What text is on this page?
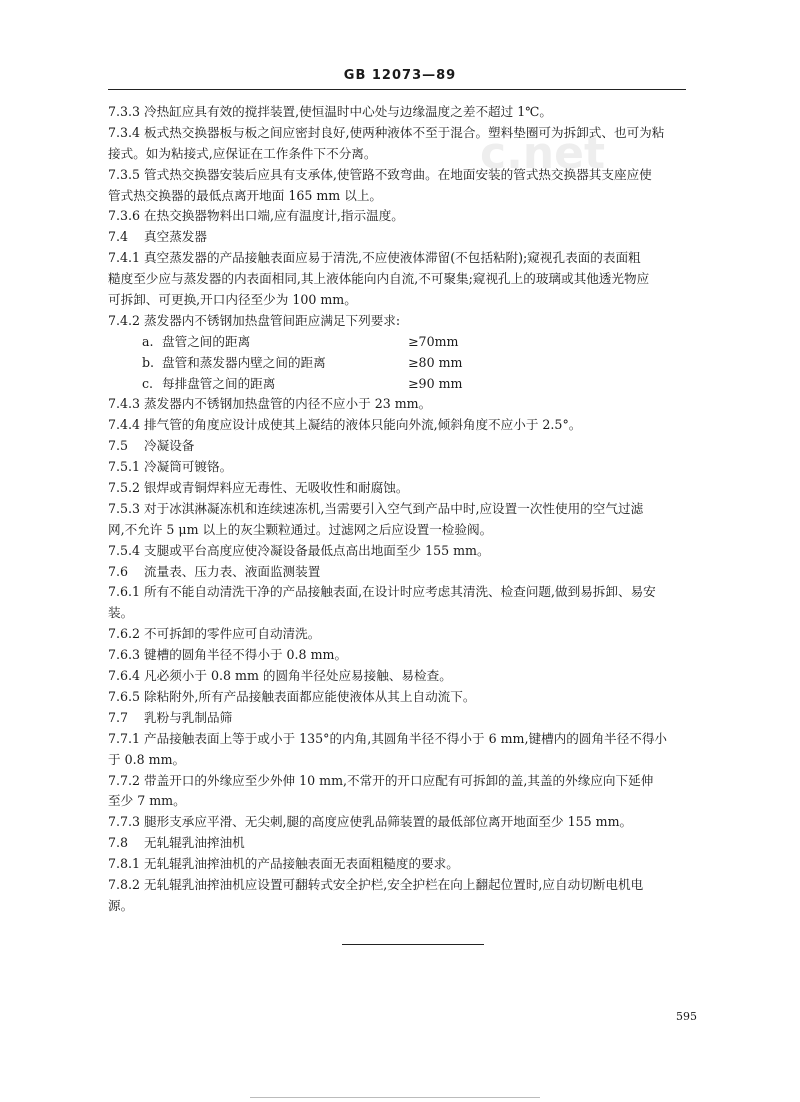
GB 12073—89
c.net
7.3.3 冷热缸应具有效的搅拌装置,使恒温时中心处与边缘温度之差不超过 1℃。
7.3.4 板式热交换器板与板之间应密封良好,使两种液体不至于混合。塑料垫圈可为拆卸式、也可为粘
接式。如为粘接式,应保证在工作条件下不分离。
7.3.5 管式热交换器安装后应具有支承体,使管路不致弯曲。在地面安装的管式热交换器其支座应使
管式热交换器的最低点离开地面 165 mm 以上。
7.3.6 在热交换器物料出口端,应有温度计,指示温度。
7.4 真空蒸发器
7.4.1 真空蒸发器的产品接触表面应易于清洗,不应使液体滞留(不包括粘附);窥视孔表面的表面粗
糙度至少应与蒸发器的内表面相同,其上液体能向内自流,不可聚集;窥视孔上的玻璃或其他透光物应
可拆卸、可更换,开口内径至少为 100 mm。
7.4.2 蒸发器内不锈钢加热盘管间距应满足下列要求:
a. 盘管之间的距离	≥70mm
b. 盘管和蒸发器内壁之间的距离	≥80 mm
c. 每排盘管之间的距离	≥90 mm
7.4.3 蒸发器内不锈钢加热盘管的内径不应小于 23 mm。
7.4.4 排气管的角度应设计成使其上凝结的液体只能向外流,倾斜角度不应小于 2.5°。
7.5 冷凝设备
7.5.1 冷凝筒可镀铬。
7.5.2 银焊或青铜焊料应无毒性、无吸收性和耐腐蚀。
7.5.3 对于冰淇淋凝冻机和连续速冻机,当需要引入空气到产品中时,应设置一次性使用的空气过滤
网,不允许 5 μm 以上的灰尘颗粒通过。过滤网之后应设置一检验阀。
7.5.4 支腿或平台高度应使冷凝设备最低点高出地面至少 155 mm。
7.6 流量表、压力表、液面监测装置
7.6.1 所有不能自动清洗干净的产品接触表面,在设计时应考虑其清洗、检查问题,做到易拆卸、易安
装。
7.6.2 不可拆卸的零件应可自动清洗。
7.6.3 键槽的圆角半径不得小于 0.8 mm。
7.6.4 凡必须小于 0.8 mm 的圆角半径处应易接触、易检查。
7.6.5 除粘附外,所有产品接触表面都应能使液体从其上自动流下。
7.7 乳粉与乳制品筛
7.7.1 产品接触表面上等于或小于 135°的内角,其圆角半径不得小于 6 mm,键槽内的圆角半径不得小
于 0.8 mm。
7.7.2 带盖开口的外缘应至少外伸 10 mm,不常开的开口应配有可拆卸的盖,其盖的外缘应向下延伸
至少 7 mm。
7.7.3 腿形支承应平滑、无尖刺,腿的高度应使乳品筛装置的最低部位离开地面至少 155 mm。
7.8 无轧辊乳油搾油机
7.8.1 无轧辊乳油搾油机的产品接触表面无表面粗糙度的要求。
7.8.2 无轧辊乳油搾油机应设置可翻转式安全护栏,安全护栏在向上翻起位置时,应自动切断电机电
源。
595
